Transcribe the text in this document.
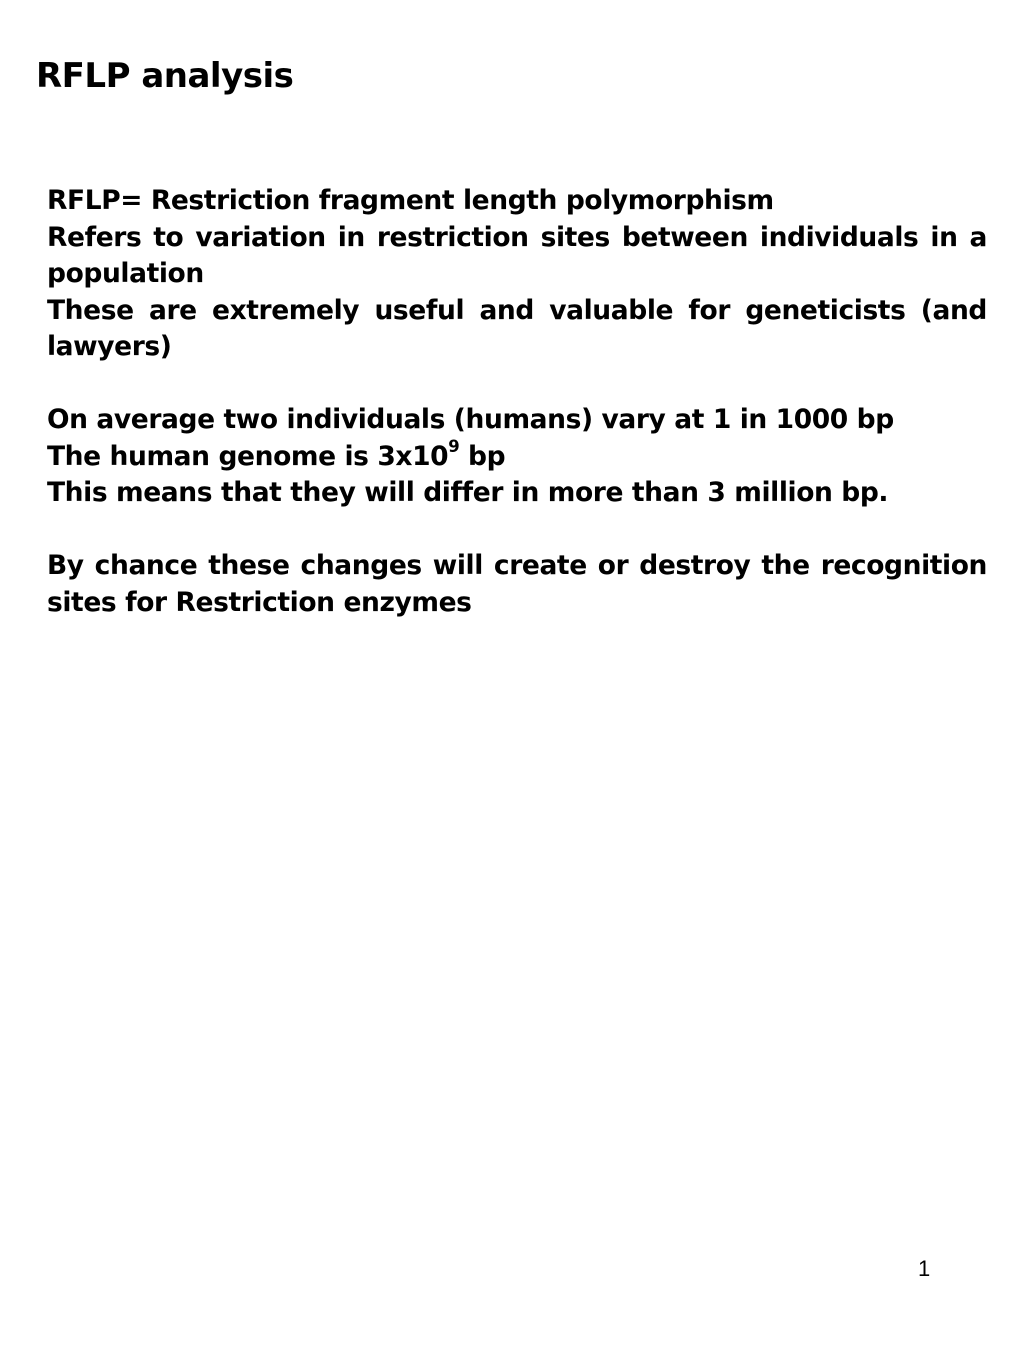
RFLP analysis
RFLP= Restriction fragment length polymorphism
Refers to variation in restriction sites between individuals in a population
These are extremely useful and valuable for geneticists (and lawyers)
On average two individuals (humans) vary at 1 in 1000 bp
The human genome is $3x10^9$ bp
This means that they will differ in more than 3 million bp.
By chance these changes will create or destroy the recognition sites for Restriction enzymes
1
